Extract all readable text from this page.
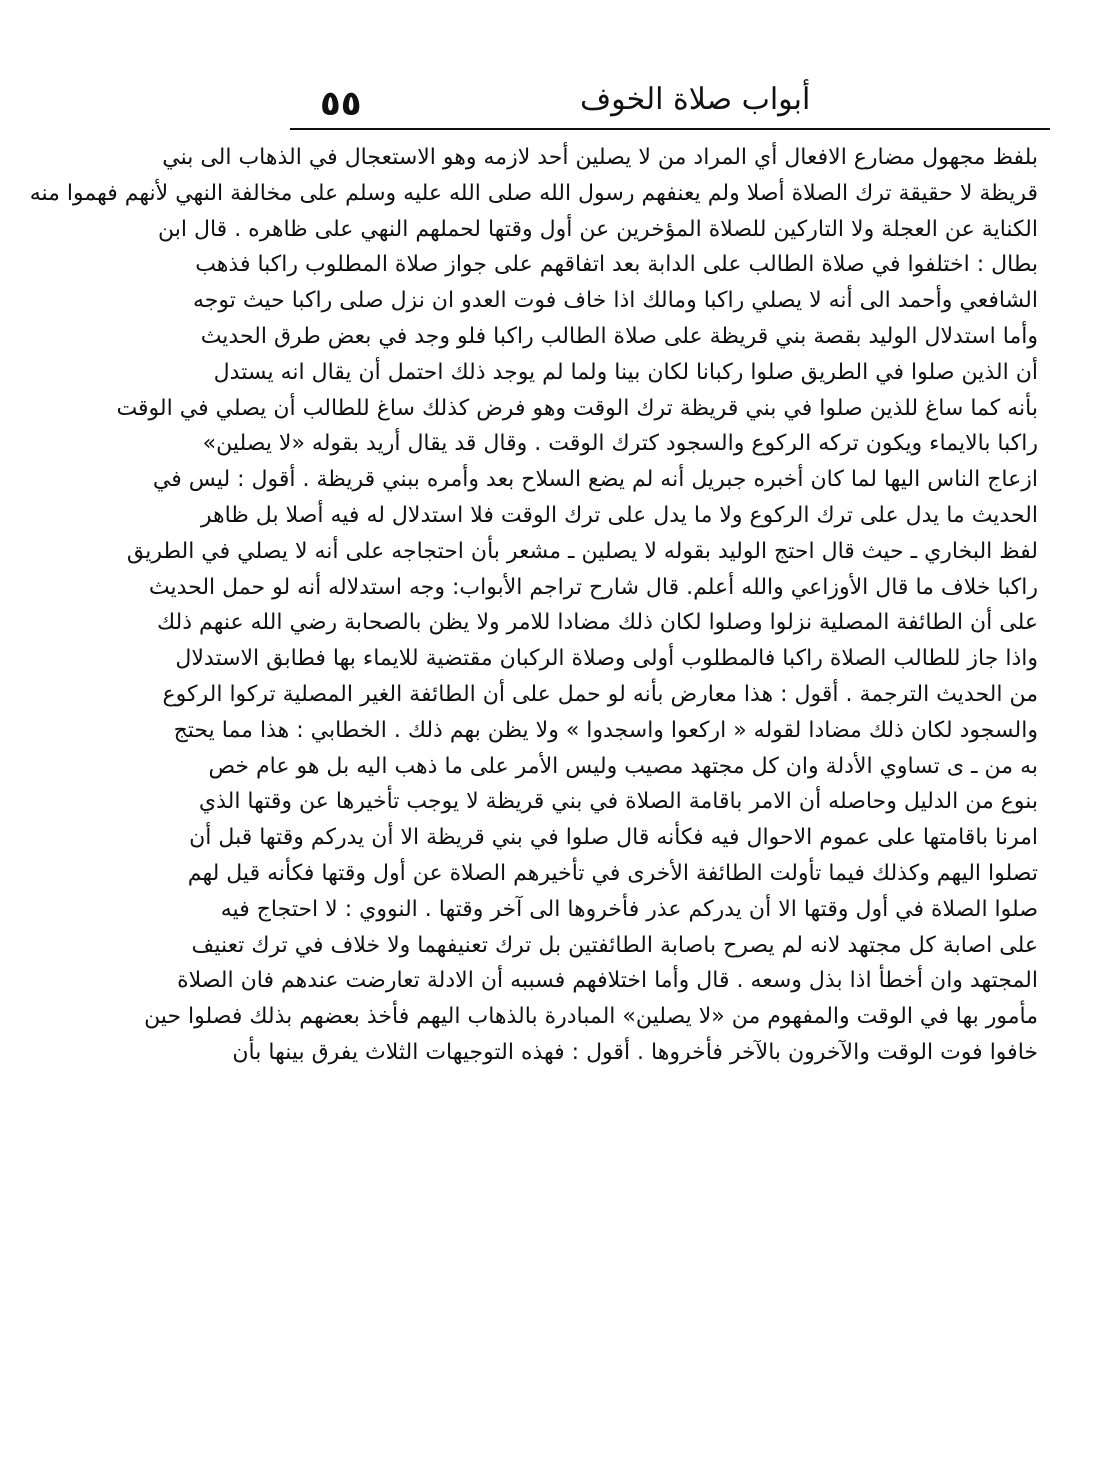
٥٥	أبواب صلاة الخوف
بلفظ مجهول مضارع الافعال أي المراد من لا يصلين أحد لازمه وهو الاستعجال في الذهاب الى بني
قريظة لا حقيقة ترك الصلاة أصلا ولم يعنفهم رسول الله صلى الله عليه وسلم على مخالفة النهي لأنهم فهموا منه
الكناية عن العجلة ولا التاركين للصلاة المؤخرين عن أول وقتها لحملهم النهي على ظاهره . قال ابن
بطال : اختلفوا في صلاة الطالب على الدابة بعد اتفاقهم على جواز صلاة المطلوب راكبا فذهب
الشافعي وأحمد الى أنه لا يصلي راكبا ومالك اذا خاف فوت العدو ان نزل صلى راكبا حيث توجه
وأما استدلال الوليد بقصة بني قريظة على صلاة الطالب راكبا فلو وجد في بعض طرق الحديث
أن الذين صلوا في الطريق صلوا ركبانا لكان بينا ولما لم يوجد ذلك احتمل أن يقال انه يستدل
بأنه كما ساغ للذين صلوا في بني قريظة ترك الوقت وهو فرض كذلك ساغ للطالب أن يصلي في الوقت
راكبا بالايماء ويكون تركه الركوع والسجود كترك الوقت . وقال قد يقال أريد بقوله «لا يصلين»
ازعاج الناس اليها لما كان أخبره جبريل أنه لم يضع السلاح بعد وأمره ببني قريظة . أقول : ليس في
الحديث ما يدل على ترك الركوع ولا ما يدل على ترك الوقت فلا استدلال له فيه أصلا بل ظاهر
لفظ البخاري ـ حيث قال احتج الوليد بقوله لا يصلين ـ مشعر بأن احتجاجه على أنه لا يصلي في الطريق
راكبا خلاف ما قال الأوزاعي والله أعلم. قال شارح تراجم الأبواب: وجه استدلاله أنه لو حمل الحديث
على أن الطائفة المصلية نزلوا وصلوا لكان ذلك مضادا للامر ولا يظن بالصحابة رضي الله عنهم ذلك
واذا جاز للطالب الصلاة راكبا فالمطلوب أولى وصلاة الركبان مقتضية للايماء بها فطابق الاستدلال
من الحديث الترجمة . أقول : هذا معارض بأنه لو حمل على أن الطائفة الغير المصلية تركوا الركوع
والسجود لكان ذلك مضادا لقوله « اركعوا واسجدوا » ولا يظن بهم ذلك . الخطابي : هذا مما يحتج
به من ـ ى تساوي الأدلة وان كل مجتهد مصيب وليس الأمر على ما ذهب اليه بل هو عام خص
بنوع من الدليل وحاصله أن الامر باقامة الصلاة في بني قريظة لا يوجب تأخيرها عن وقتها الذي
امرنا باقامتها على عموم الاحوال فيه فكأنه قال صلوا في بني قريظة الا أن يدركم وقتها قبل أن
تصلوا اليهم وكذلك فيما تأولت الطائفة الأخرى في تأخيرهم الصلاة عن أول وقتها فكأنه قيل لهم
صلوا الصلاة في أول وقتها الا أن يدركم عذر فأخروها الى آخر وقتها . النووي : لا احتجاج فيه
على اصابة كل مجتهد لانه لم يصرح باصابة الطائفتين بل ترك تعنيفهما ولا خلاف في ترك تعنيف
المجتهد وان أخطأ اذا بذل وسعه . قال وأما اختلافهم فسببه أن الادلة تعارضت عندهم فان الصلاة
مأمور بها في الوقت والمفهوم من «لا يصلين» المبادرة بالذهاب اليهم فأخذ بعضهم بذلك فصلوا حين
خافوا فوت الوقت والآخرون بالآخر فأخروها . أقول : فهذه التوجيهات الثلاث يفرق بينها بأن
